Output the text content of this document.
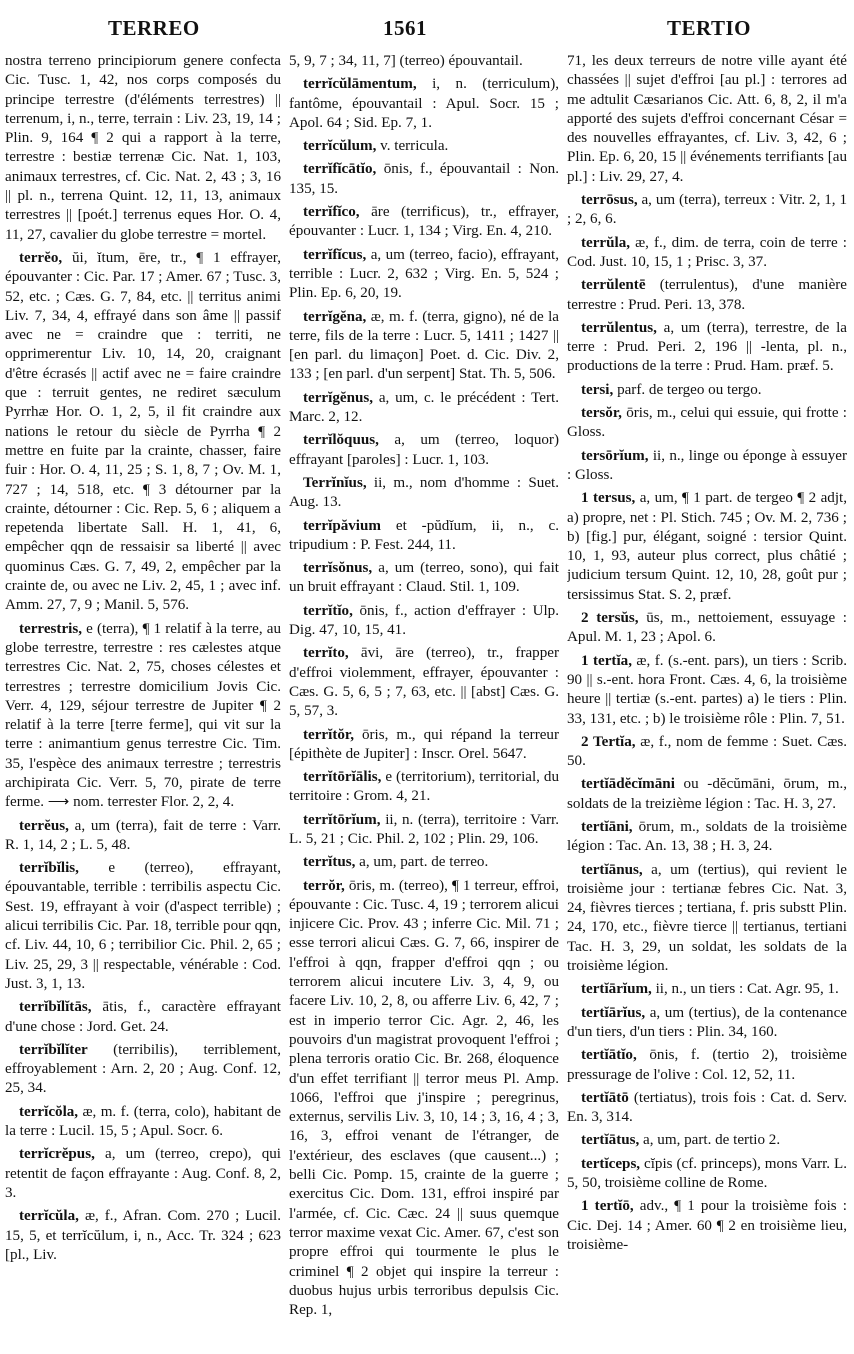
TERREO	1561	TERTIO

nostra terreno principiorum genere confecta Cic. Tusc. 1, 42, nos corps composés du principe terrestre (d'éléments terrestres) || terrenum, i, n., terre, terrain : Liv. 23, 19, 14 ; Plin. 9, 164 ¶ 2 qui a rapport à la terre, terrestre : bestiæ terrenæ Cic. Nat. 1, 103, animaux terrestres, cf. Cic. Nat. 2, 43 ; 3, 16 || pl. n., terrena Quint. 12, 11, 13, animaux terrestres || [poét.] terrenus eques Hor. O. 4, 11, 27, cavalier du globe terrestre = mortel.

terrĕo, ŭi, ĭtum, ēre, tr., ¶ 1 effrayer, épouvanter : Cic. Par. 17 ; Amer. 67 ; Tusc. 3, 52, etc. ; Cæs. G. 7, 84, etc. || territus animi Liv. 7, 34, 4, effrayé dans son âme || passif avec ne = craindre que : territi, ne opprimerentur Liv. 10, 14, 20, craignant d'être écrasés || actif avec ne = faire craindre que : terruit gentes, ne rediret sæculum Pyrrhæ Hor. O. 1, 2, 5, il fit craindre aux nations le retour du siècle de Pyrrha ¶ 2 mettre en fuite par la crainte, chasser, faire fuir : Hor. O. 4, 11, 25 ; S. 1, 8, 7 ; Ov. M. 1, 727 ; 14, 518, etc. ¶ 3 détourner par la crainte, détourner : Cic. Rep. 5, 6 ; aliquem a repetenda libertate Sall. H. 1, 41, 6, empêcher qqn de ressaisir sa liberté || avec quominus Cæs. G. 7, 49, 2, empêcher par la crainte de, ou avec ne Liv. 2, 45, 1 ; avec inf. Amm. 27, 7, 9 ; Manil. 5, 576.

terrestris, e (terra), ¶ 1 relatif à la terre, au globe terrestre, terrestre : res cælestes atque terrestres Cic. Nat. 2, 75, choses célestes et terrestres ; terrestre domicilium Jovis Cic. Verr. 4, 129, séjour terrestre de Jupiter ¶ 2 relatif à la terre [terre ferme], qui vit sur la terre : animantium genus terrestre Cic. Tim. 35, l'espèce des animaux terrestre ; terrestris archipirata Cic. Verr. 5, 70, pirate de terre ferme. ⟶ nom. terrester Flor. 2, 2, 4.

terrĕus, a, um (terra), fait de terre : Varr. R. 1, 14, 2 ; L. 5, 48.

terrĭbĭlis, e (terreo), effrayant, épouvantable, terrible : terribilis aspectu Cic. Sest. 19, effrayant à voir (d'aspect terrible) ; alicui terribilis Cic. Par. 18, terrible pour qqn, cf. Liv. 44, 10, 6 ; terribilior Cic. Phil. 2, 65 ; Liv. 25, 29, 3 || respectable, vénérable : Cod. Just. 3, 1, 13.

terrĭbĭlĭtās, ātis, f., caractère effrayant d'une chose : Jord. Get. 24.

terrĭbĭlĭter (terribilis), terriblement, effroyablement : Arn. 2, 20 ; Aug. Conf. 12, 25, 34.

terrĭcŏla, æ, m. f. (terra, colo), habitant de la terre : Lucil. 15, 5 ; Apul. Socr. 6.

terrĭcrĕpus, a, um (terreo, crepo), qui retentit de façon effrayante : Aug. Conf. 8, 2, 3.

terrĭcŭla, æ, f., Afran. Com. 270 ; Lucil. 15, 5, et terrĭcŭlum, i, n., Acc. Tr. 324 ; 623 [pl., Liv.

5, 9, 7 ; 34, 11, 7] (terreo) épouvantail.

terrĭcŭlāmentum, i, n. (terriculum), fantôme, épouvantail : Apul. Socr. 15 ; Apol. 64 ; Sid. Ep. 7, 1.

terrĭcŭlum, v. terricula.

terrĭfĭcātĭo, ōnis, f., épouvantail : Non. 135, 15.

terrĭfĭco, āre (terrificus), tr., effrayer, épouvanter : Lucr. 1, 134 ; Virg. En. 4, 210.

terrĭfĭcus, a, um (terreo, facio), effrayant, terrible : Lucr. 2, 632 ; Virg. En. 5, 524 ; Plin. Ep. 6, 20, 19.

terrĭgĕna, æ, m. f. (terra, gigno), né de la terre, fils de la terre : Lucr. 5, 1411 ; 1427 || [en parl. du limaçon] Poet. d. Cic. Div. 2, 133 ; [en parl. d'un serpent] Stat. Th. 5, 506.

terrĭgĕnus, a, um, c. le précédent : Tert. Marc. 2, 12.

terrĭlŏquus, a, um (terreo, loquor) effrayant [paroles] : Lucr. 1, 103.

Terrĭnĭus, ii, m., nom d'homme : Suet. Aug. 13.

terrĭpăvium et -pŭdĭum, ii, n., c. tripudium : P. Fest. 244, 11.

terrĭsŏnus, a, um (terreo, sono), qui fait un bruit effrayant : Claud. Stil. 1, 109.

terrĭtĭo, ōnis, f., action d'effrayer : Ulp. Dig. 47, 10, 15, 41.

terrĭto, āvi, āre (terreo), tr., frapper d'effroi violemment, effrayer, épouvanter : Cæs. G. 5, 6, 5 ; 7, 63, etc. || [abst] Cæs. G. 5, 57, 3.

terrĭtŏr, ōris, m., qui répand la terreur [épithète de Jupiter] : Inscr. Orel. 5647.

terrĭtōrĭālis, e (territorium), territorial, du territoire : Grom. 4, 21.

terrĭtōrĭum, ii, n. (terra), territoire : Varr. L. 5, 21 ; Cic. Phil. 2, 102 ; Plin. 29, 106.

terrĭtus, a, um, part. de terreo.

terrŏr, ōris, m. (terreo), ¶ 1 terreur, effroi, épouvante : Cic. Tusc. 4, 19 ; terrorem alicui injicere Cic. Prov. 43 ; inferre Cic. Mil. 71 ; esse terrori alicui Cæs. G. 7, 66, inspirer de l'effroi à qqn, frapper d'effroi qqn ; ou terrorem alicui incutere Liv. 3, 4, 9, ou facere Liv. 10, 2, 8, ou afferre Liv. 6, 42, 7 ; est in imperio terror Cic. Agr. 2, 46, les pouvoirs d'un magistrat provoquent l'effroi ; plena terroris oratio Cic. Br. 268, éloquence d'un effet terrifiant || terror meus Pl. Amp. 1066, l'effroi que j'inspire ; peregrinus, externus, servilis Liv. 3, 10, 14 ; 3, 16, 4 ; 3, 16, 3, effroi venant de l'étranger, de l'extérieur, des esclaves (que causent...) ; belli Cic. Pomp. 15, crainte de la guerre ; exercitus Cic. Dom. 131, effroi inspiré par l'armée, cf. Cic. Cæc. 24 || suus quemque terror maxime vexat Cic. Amer. 67, c'est son propre effroi qui tourmente le plus le criminel ¶ 2 objet qui inspire la terreur : duobus hujus urbis terroribus depulsis Cic. Rep. 1,

71, les deux terreurs de notre ville ayant été chassées || sujet d'effroi [au pl.] : terrores ad me adtulit Cæsarianos Cic. Att. 6, 8, 2, il m'a apporté des sujets d'effroi concernant César = des nouvelles effrayantes, cf. Liv. 3, 42, 6 ; Plin. Ep. 6, 20, 15 || événements terrifiants [au pl.] : Liv. 29, 27, 4.

terrōsus, a, um (terra), terreux : Vitr. 2, 1, 1 ; 2, 6, 6.

terrŭla, æ, f., dim. de terra, coin de terre : Cod. Just. 10, 15, 1 ; Prisc. 3, 37.

terrŭlentē (terrulentus), d'une manière terrestre : Prud. Peri. 13, 378.

terrŭlentus, a, um (terra), terrestre, de la terre : Prud. Peri. 2, 196 || -lenta, pl. n., productions de la terre : Prud. Ham. præf. 5.

tersi, parf. de tergeo ou tergo.

tersŏr, ōris, m., celui qui essuie, qui frotte : Gloss.

tersōrĭum, ii, n., linge ou éponge à essuyer : Gloss.

1 tersus, a, um, ¶ 1 part. de tergeo ¶ 2 adjt, a) propre, net : Pl. Stich. 745 ; Ov. M. 2, 736 ; b) [fig.] pur, élégant, soigné : tersior Quint. 10, 1, 93, auteur plus correct, plus châtié ; judicium tersum Quint. 12, 10, 28, goût pur ; tersissimus Stat. S. 2, præf.

2 tersŭs, ūs, m., nettoiement, essuyage : Apul. M. 1, 23 ; Apol. 6.

1 tertĭa, æ, f. (s.-ent. pars), un tiers : Scrib. 90 || s.-ent. hora Front. Cæs. 4, 6, la troisième heure || tertiæ (s.-ent. partes) a) le tiers : Plin. 33, 131, etc. ; b) le troisième rôle : Plin. 7, 51.

2 Tertĭa, æ, f., nom de femme : Suet. Cæs. 50.

tertĭādĕcĭmāni ou -dĕcŭmāni, ōrum, m., soldats de la treizième légion : Tac. H. 3, 27.

tertĭāni, ōrum, m., soldats de la troisième légion : Tac. An. 13, 38 ; H. 3, 24.

tertĭānus, a, um (tertius), qui revient le troisième jour : tertianæ febres Cic. Nat. 3, 24, fièvres tierces ; tertiana, f. pris substt Plin. 24, 170, etc., fièvre tierce || tertianus, tertiani Tac. H. 3, 29, un soldat, les soldats de la troisième légion.

tertĭārĭum, ii, n., un tiers : Cat. Agr. 95, 1.

tertĭārĭus, a, um (tertius), de la contenance d'un tiers, d'un tiers : Plin. 34, 160.

tertĭātĭo, ōnis, f. (tertio 2), troisième pressurage de l'olive : Col. 12, 52, 11.

tertĭātō (tertiatus), trois fois : Cat. d. Serv. En. 3, 314.

tertĭātus, a, um, part. de tertio 2.

tertĭceps, cĭpis (cf. princeps), mons Varr. L. 5, 50, troisième colline de Rome.

1 tertĭō, adv., ¶ 1 pour la troisième fois : Cic. Dej. 14 ; Amer. 60 ¶ 2 en troisième lieu, troisième-
